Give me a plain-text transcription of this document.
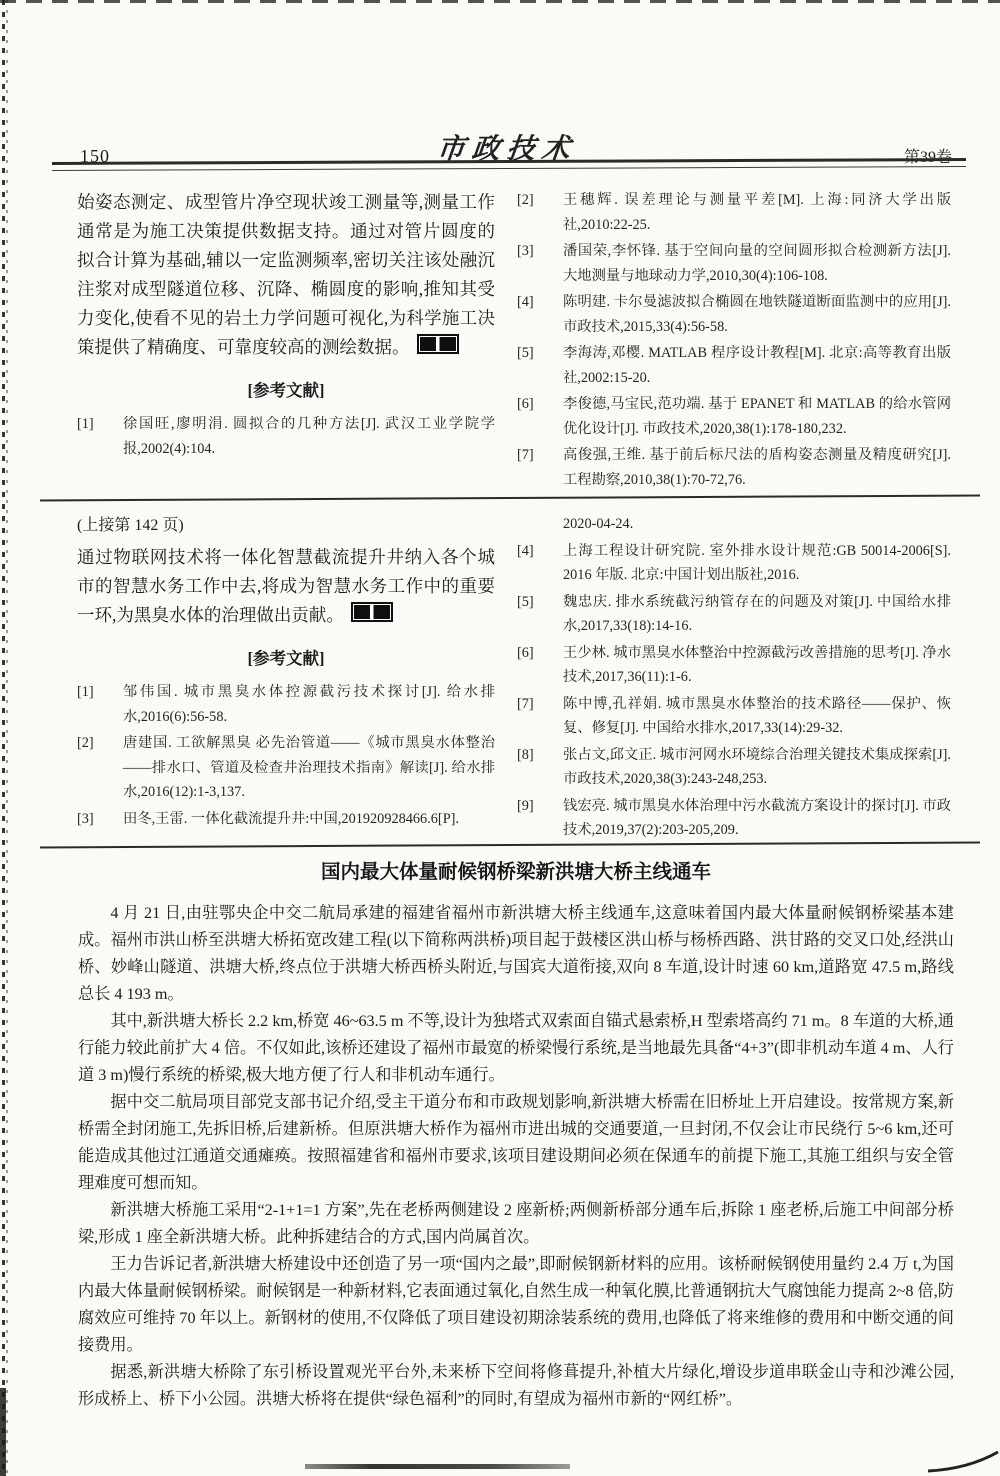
150	市政技术	第39卷

始姿态测定、成型管片净空现状竣工测量等,测量工作通常是为施工决策提供数据支持。通过对管片圆度的拟合计算为基础,辅以一定监测频率,密切关注该处融沉注浆对成型隧道位移、沉降、椭圆度的影响,推知其受力变化,使看不见的岩土力学问题可视化,为科学施工决策提供了精确度、可靠度较高的测绘数据。

[参考文献]
[1]	徐国旺,廖明涓. 圆拟合的几种方法[J]. 武汉工业学院学报,2002(4):104.
[2]	王穗辉. 误差理论与测量平差[M]. 上海:同济大学出版社,2010:22-25.
[3]	潘国荣,李怀锋. 基于空间向量的空间圆形拟合检测新方法[J]. 大地测量与地球动力学,2010,30(4):106-108.
[4]	陈明建. 卡尔曼滤波拟合椭圆在地铁隧道断面监测中的应用[J]. 市政技术,2015,33(4):56-58.
[5]	李海涛,邓樱. MATLAB 程序设计教程[M]. 北京:高等教育出版社,2002:15-20.
[6]	李俊德,马宝民,范功端. 基于 EPANET 和 MATLAB 的给水管网优化设计[J]. 市政技术,2020,38(1):178-180,232.
[7]	高俊强,王维. 基于前后标尺法的盾构姿态测量及精度研究[J]. 工程勘察,2010,38(1):70-72,76.

(上接第 142 页)

通过物联网技术将一体化智慧截流提升井纳入各个城市的智慧水务工作中去,将成为智慧水务工作中的重要一环,为黑臭水体的治理做出贡献。

[参考文献]
[1]	邹伟国. 城市黑臭水体控源截污技术探讨[J]. 给水排水,2016(6):56-58.
[2]	唐建国. 工欲解黑臭 必先治管道——《城市黑臭水体整治——排水口、管道及检查井治理技术指南》解读[J]. 给水排水,2016(12):1-3,137.
[3]	田冬,王雷. 一体化截流提升井:中国,201920928466.6[P].
2020-04-24.
[4]	上海工程设计研究院. 室外排水设计规范:GB 50014-2006[S]. 2016 年版. 北京:中国计划出版社,2016.
[5]	魏忠庆. 排水系统截污纳管存在的问题及对策[J]. 中国给水排水,2017,33(18):14-16.
[6]	王少林. 城市黑臭水体整治中控源截污改善措施的思考[J]. 净水技术,2017,36(11):1-6.
[7]	陈中博,孔祥娟. 城市黑臭水体整治的技术路径——保护、恢复、修复[J]. 中国给水排水,2017,33(14):29-32.
[8]	张占文,邱文正. 城市河网水环境综合治理关键技术集成探索[J]. 市政技术,2020,38(3):243-248,253.
[9]	钱宏亮. 城市黑臭水体治理中污水截流方案设计的探讨[J]. 市政技术,2019,37(2):203-205,209.
国内最大体量耐候钢桥梁新洪塘大桥主线通车

4 月 21 日,由驻鄂央企中交二航局承建的福建省福州市新洪塘大桥主线通车,这意味着国内最大体量耐候钢桥梁基本建成。福州市洪山桥至洪塘大桥拓宽改建工程(以下简称两洪桥)项目起于鼓楼区洪山桥与杨桥西路、洪甘路的交叉口处,经洪山桥、妙峰山隧道、洪塘大桥,终点位于洪塘大桥西桥头附近,与国宾大道衔接,双向 8 车道,设计时速 60 km,道路宽 47.5 m,路线总长 4 193 m。

其中,新洪塘大桥长 2.2 km,桥宽 46~63.5 m 不等,设计为独塔式双索面自锚式悬索桥,H 型索塔高约 71 m。8 车道的大桥,通行能力较此前扩大 4 倍。不仅如此,该桥还建设了福州市最宽的桥梁慢行系统,是当地最先具备“4+3”(即非机动车道 4 m、人行道 3 m)慢行系统的桥梁,极大地方便了行人和非机动车通行。

据中交二航局项目部党支部书记介绍,受主干道分布和市政规划影响,新洪塘大桥需在旧桥址上开启建设。按常规方案,新桥需全封闭施工,先拆旧桥,后建新桥。但原洪塘大桥作为福州市进出城的交通要道,一旦封闭,不仅会让市民绕行 5~6 km,还可能造成其他过江通道交通瘫痪。按照福建省和福州市要求,该项目建设期间必须在保通车的前提下施工,其施工组织与安全管理难度可想而知。

新洪塘大桥施工采用“2-1+1=1 方案”,先在老桥两侧建设 2 座新桥;两侧新桥部分通车后,拆除 1 座老桥,后施工中间部分桥梁,形成 1 座全新洪塘大桥。此种拆建结合的方式,国内尚属首次。

王力告诉记者,新洪塘大桥建设中还创造了另一项“国内之最”,即耐候钢新材料的应用。该桥耐候钢使用量约 2.4 万 t,为国内最大体量耐候钢桥梁。耐候钢是一种新材料,它表面通过氧化,自然生成一种氧化膜,比普通钢抗大气腐蚀能力提高 2~8 倍,防腐效应可维持 70 年以上。新钢材的使用,不仅降低了项目建设初期涂装系统的费用,也降低了将来维修的费用和中断交通的间接费用。

据悉,新洪塘大桥除了东引桥设置观光平台外,未来桥下空间将修葺提升,补植大片绿化,增设步道串联金山寺和沙滩公园,形成桥上、桥下小公园。洪塘大桥将在提供“绿色福利”的同时,有望成为福州市新的“网红桥”。
